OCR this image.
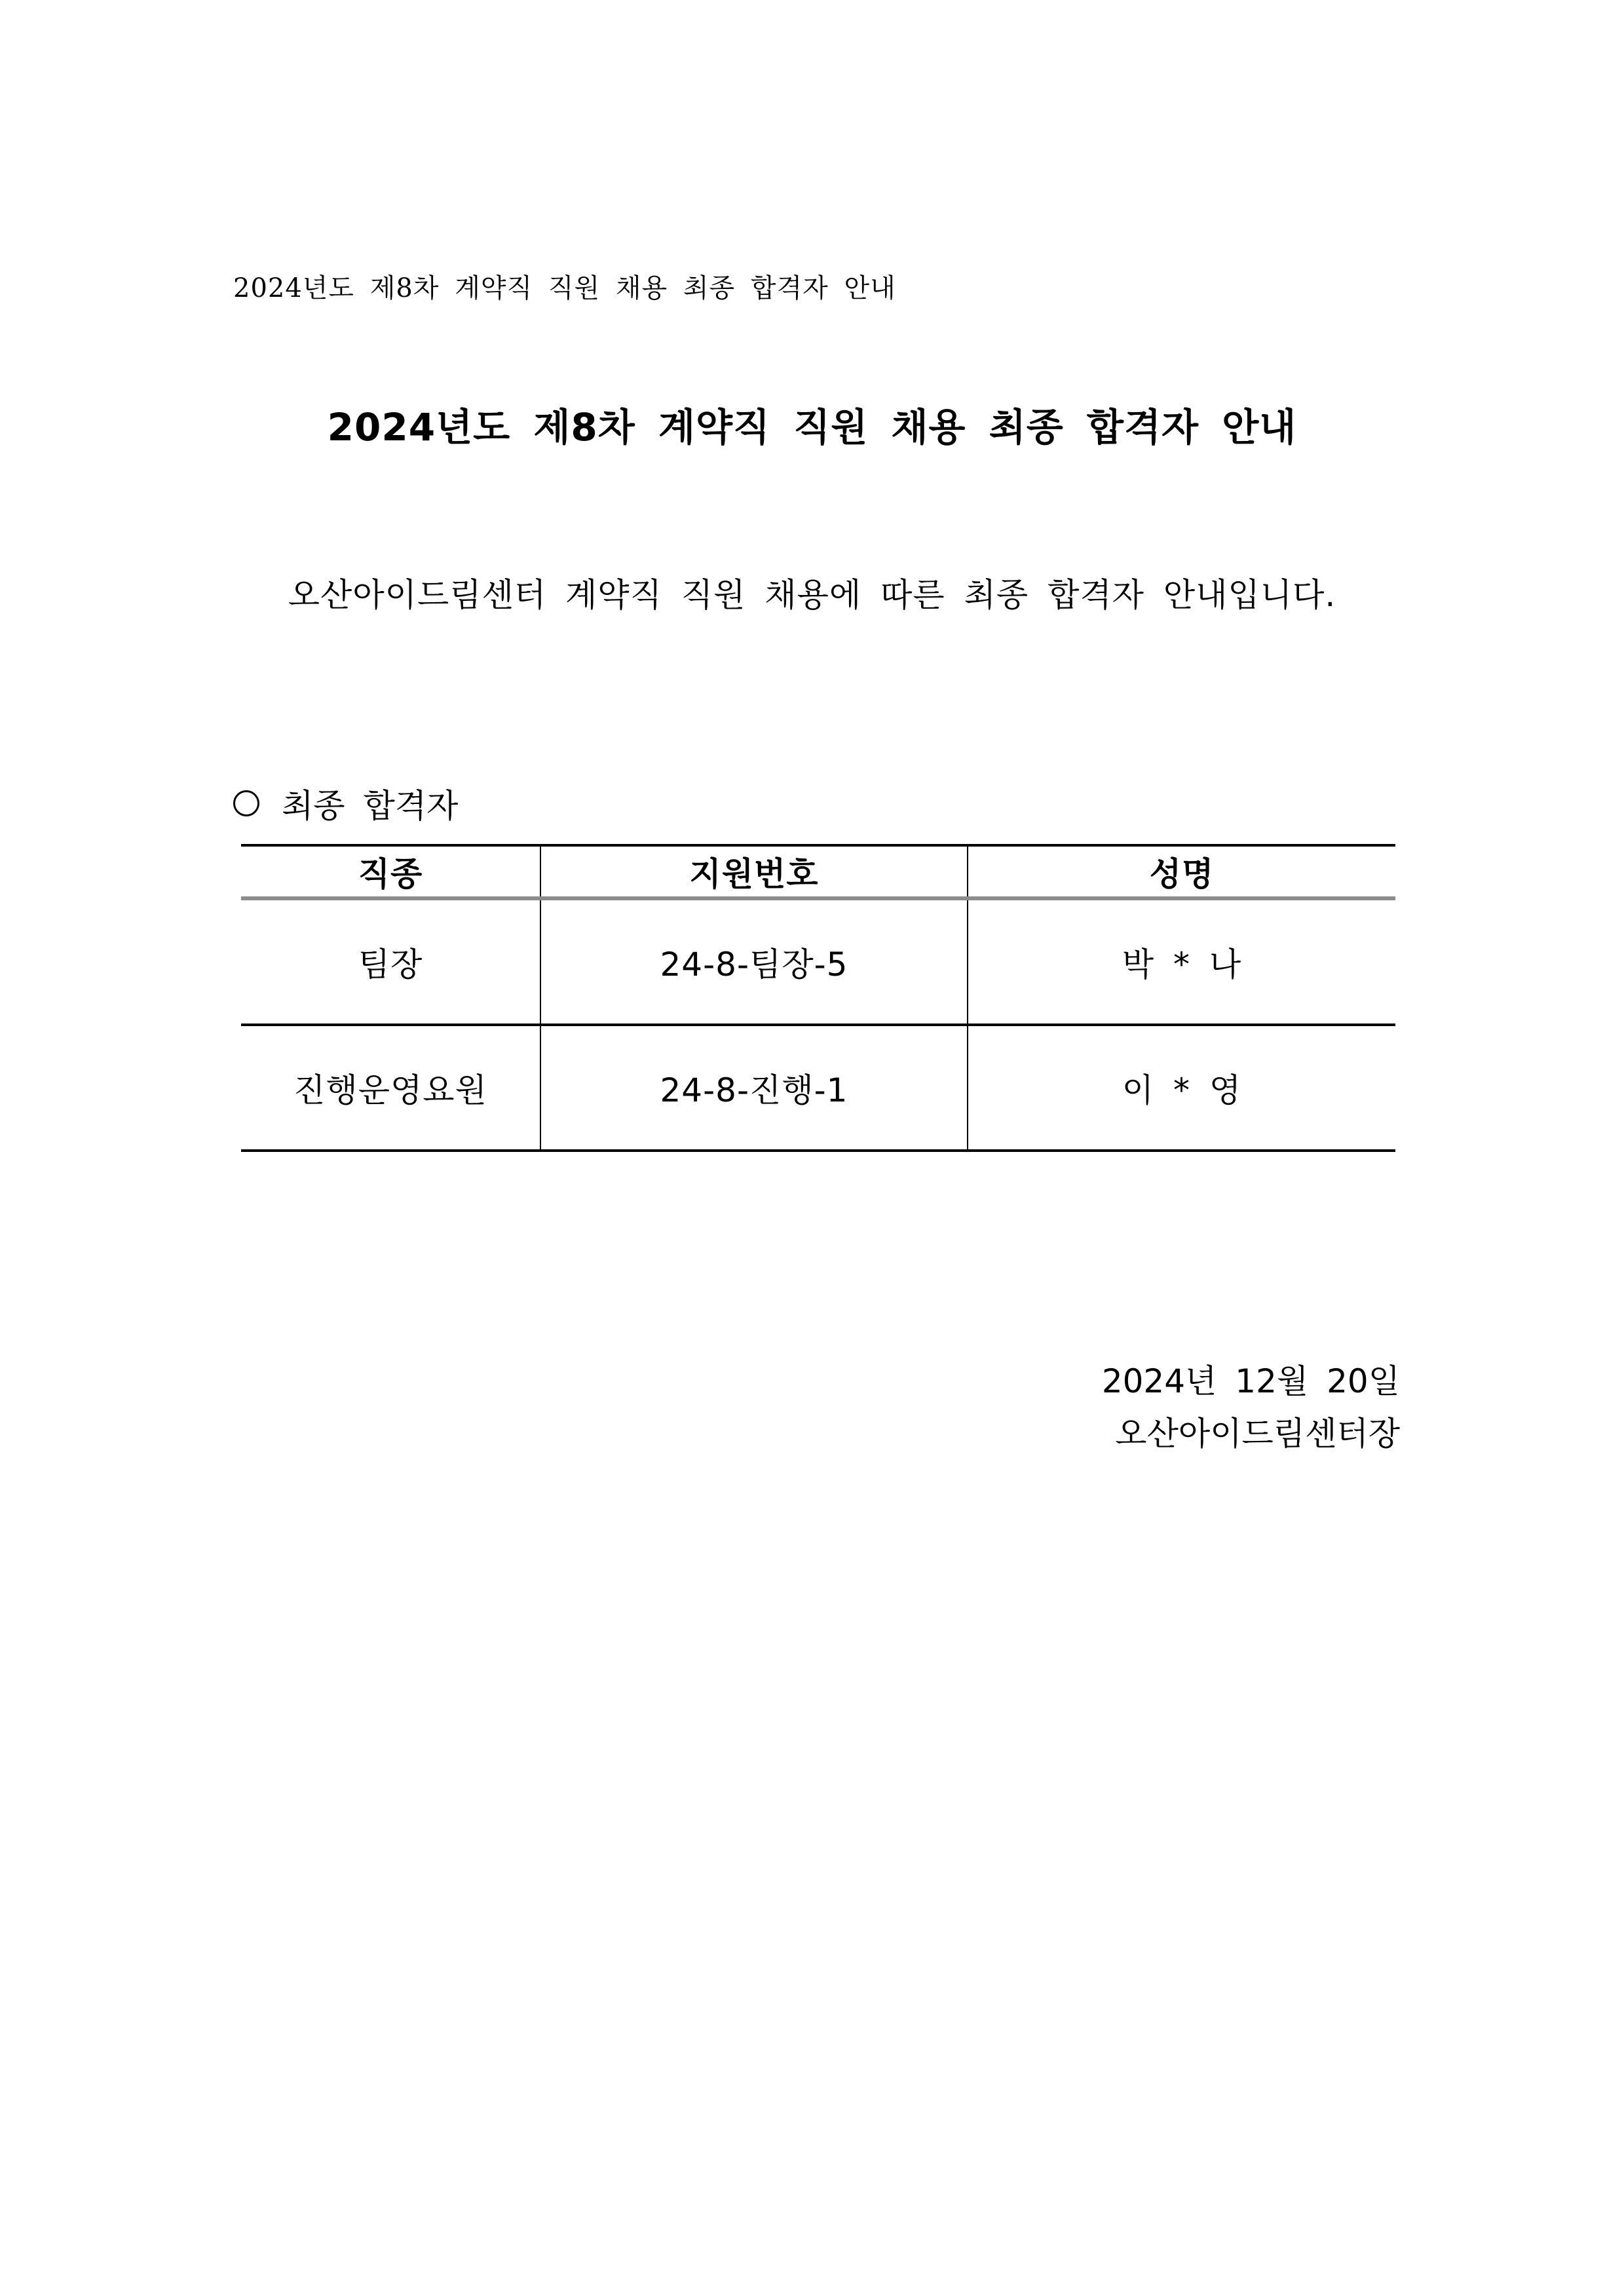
2024년도 제8차 계약직 직원 채용 최종 합격자 안내
2024년도 제8차 계약직 직원 채용 최종 합격자 안내
오산아이드림센터 계약직 직원 채용에 따른 최종 합격자 안내입니다.
최종 합격자
직종	지원번호	성명
팀장	24-8-팀장-5	박 * 나
진행운영요원	24-8-진행-1	이 * 영
2024년 12월 20일
오산아이드림센터장
